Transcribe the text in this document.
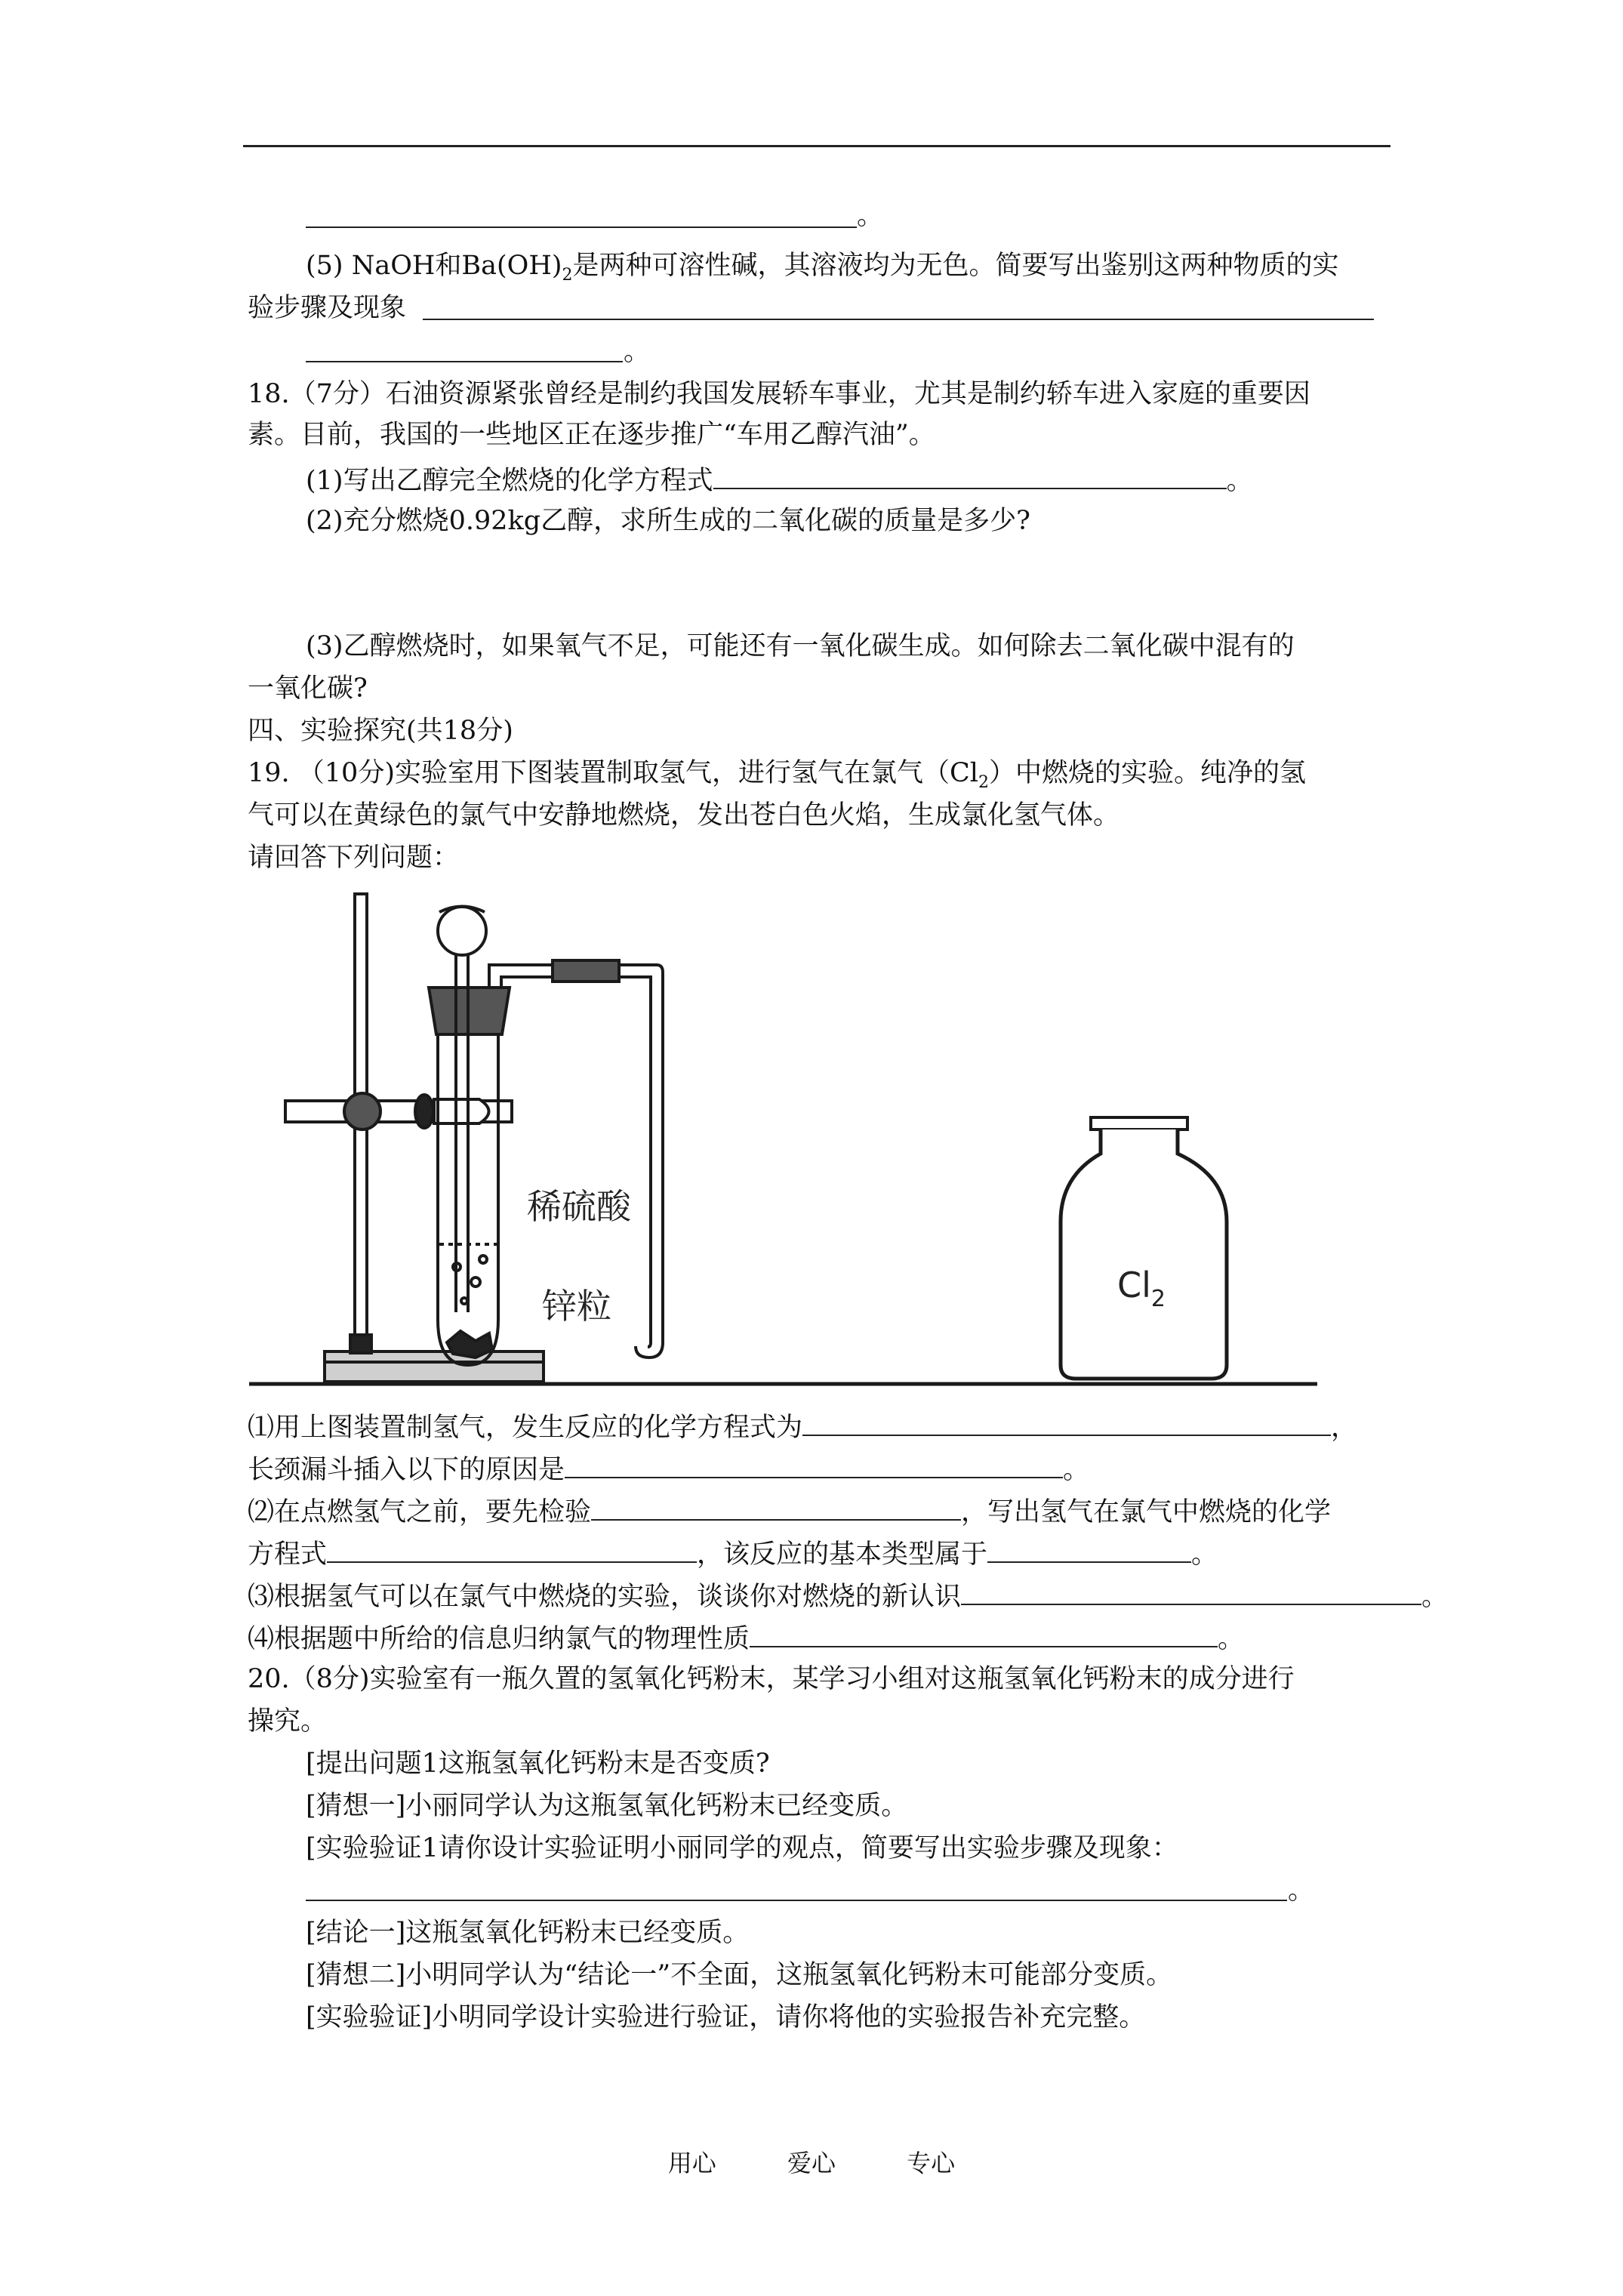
。
(5) NaOH和$Ba(OH)_2$是两种可溶性碱，其溶液均为无色。简要写出鉴别这两种物质的实
验步骤及现象
。
18.（7分）石油资源紧张曾经是制约我国发展轿车事业，尤其是制约轿车进入家庭的重要因
素。目前，我国的一些地区正在逐步推广“车用乙醇汽油”。
(1)写出乙醇完全燃烧的化学方程式	。
(2)充分燃烧0.92kg乙醇，求所生成的二氧化碳的质量是多少?
(3)乙醇燃烧时，如果氧气不足，可能还有一氧化碳生成。如何除去二氧化碳中混有的
一氧化碳?
四、实验探究(共18分)
19. （10分)实验室用下图装置制取氢气，进行氢气在氯气$(Cl_2)$中燃烧的实验。纯净的氢
气可以在黄绿色的氯气中安静地燃烧，发出苍白色火焰，生成氯化氢气体。
请回答下列问题：
稀硫酸
锌粒
$Cl_2$
⑴用上图装置制氢气，发生反应的化学方程式为	，
长颈漏斗插入以下的原因是	。
⑵在点燃氢气之前，要先检验	，写出氢气在氯气中燃烧的化学
方程式	，该反应的基本类型属于	。
⑶根据氢气可以在氯气中燃烧的实验，谈谈你对燃烧的新认识	。
⑷根据题中所给的信息归纳氯气的物理性质	。
20.（8分)实验室有一瓶久置的氢氧化钙粉末，某学习小组对这瓶氢氧化钙粉末的成分进行
操究。
[提出问题1这瓶氢氧化钙粉末是否变质?
[猜想一]小丽同学认为这瓶氢氧化钙粉末已经变质。
[实验验证1请你设计实验证明小丽同学的观点，简要写出实验步骤及现象：
。
[结论一]这瓶氢氧化钙粉末已经变质。
[猜想二]小明同学认为“结论一”不全面，这瓶氢氧化钙粉末可能部分变质。
[实验验证]小明同学设计实验进行验证，请你将他的实验报告补充完整。
用心	爱心	专心
